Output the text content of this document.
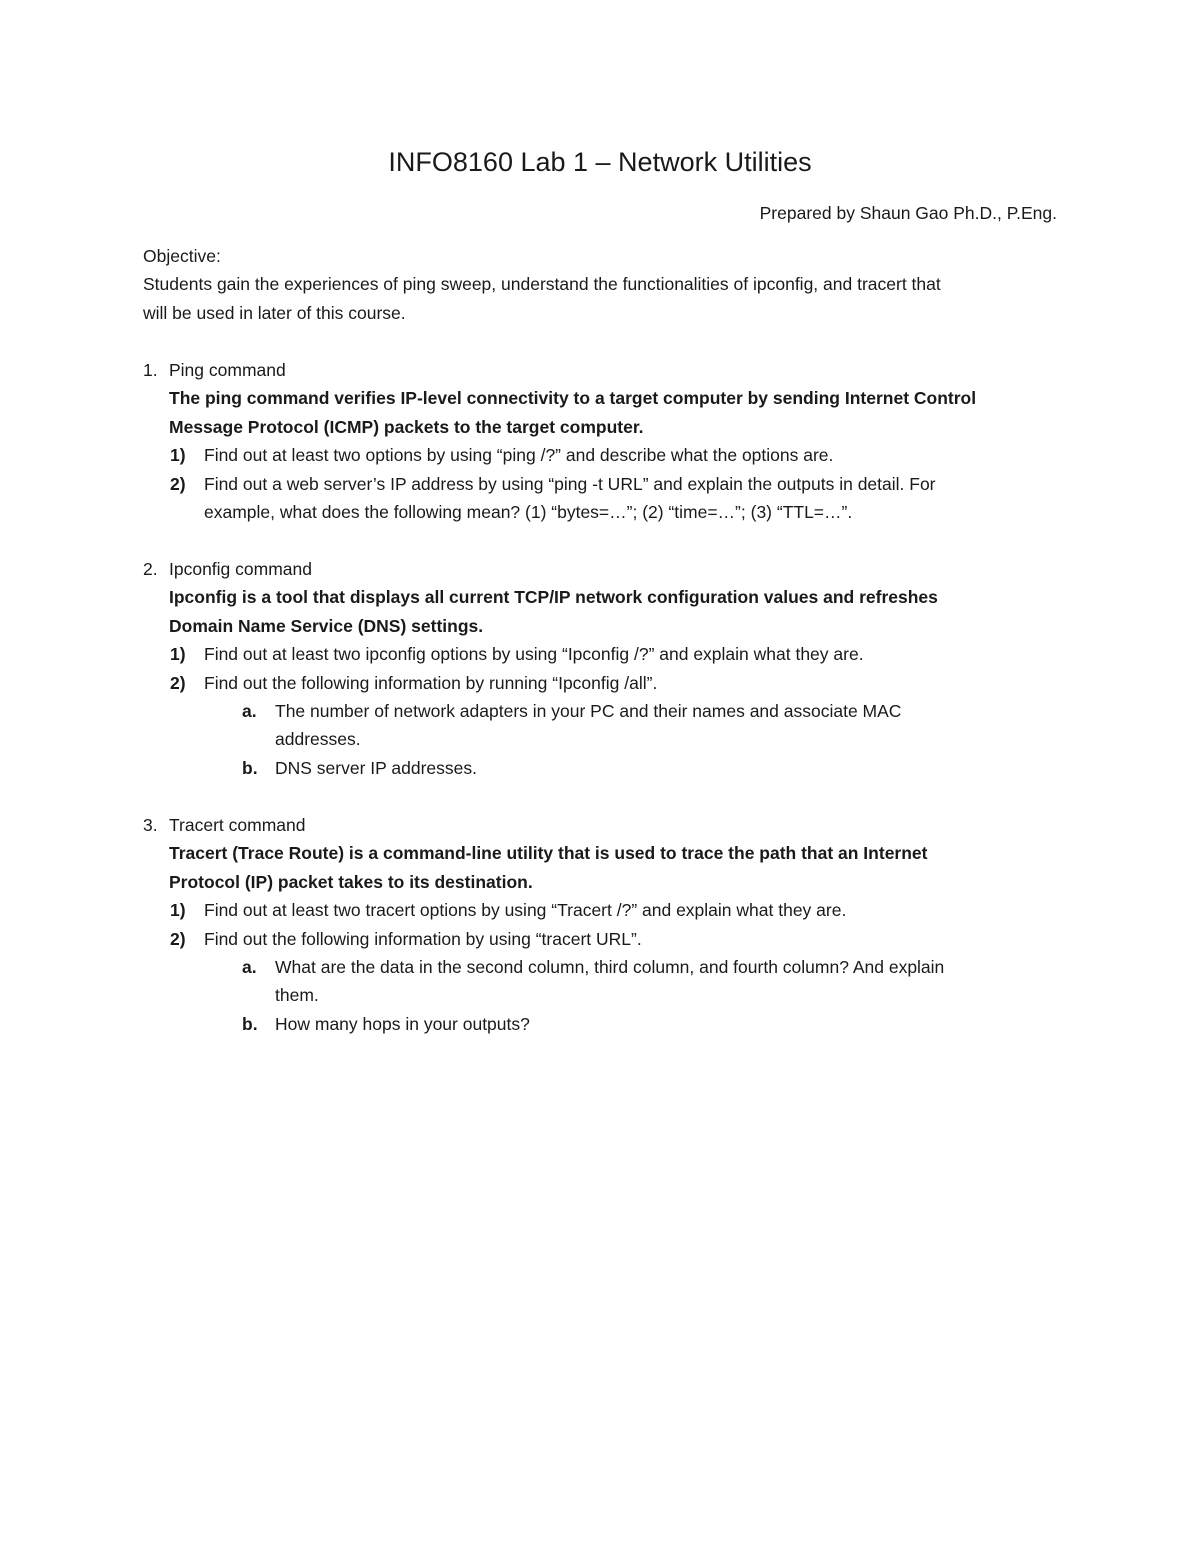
INFO8160 Lab 1 – Network Utilities
Prepared by Shaun Gao Ph.D., P.Eng.
Objective:
Students gain the experiences of ping sweep, understand the functionalities of ipconfig, and tracert that
will be used in later of this course.
1. Ping command
The ping command verifies IP-level connectivity to a target computer by sending Internet Control
Message Protocol (ICMP) packets to the target computer.
1) Find out at least two options by using “ping /?” and describe what the options are.
2) Find out a web server’s IP address by using “ping -t URL” and explain the outputs in detail. For
example, what does the following mean? (1) “bytes=…”; (2) “time=…”; (3) “TTL=…”.
2. Ipconfig command
Ipconfig is a tool that displays all current TCP/IP network configuration values and refreshes
Domain Name Service (DNS) settings.
1) Find out at least two ipconfig options by using “Ipconfig /?” and explain what they are.
2) Find out the following information by running “Ipconfig /all”.
a. The number of network adapters in your PC and their names and associate MAC
addresses.
b. DNS server IP addresses.
3. Tracert command
Tracert (Trace Route) is a command-line utility that is used to trace the path that an Internet
Protocol (IP) packet takes to its destination.
1) Find out at least two tracert options by using “Tracert /?” and explain what they are.
2) Find out the following information by using “tracert URL”.
a. What are the data in the second column, third column, and fourth column? And explain
them.
b. How many hops in your outputs?
